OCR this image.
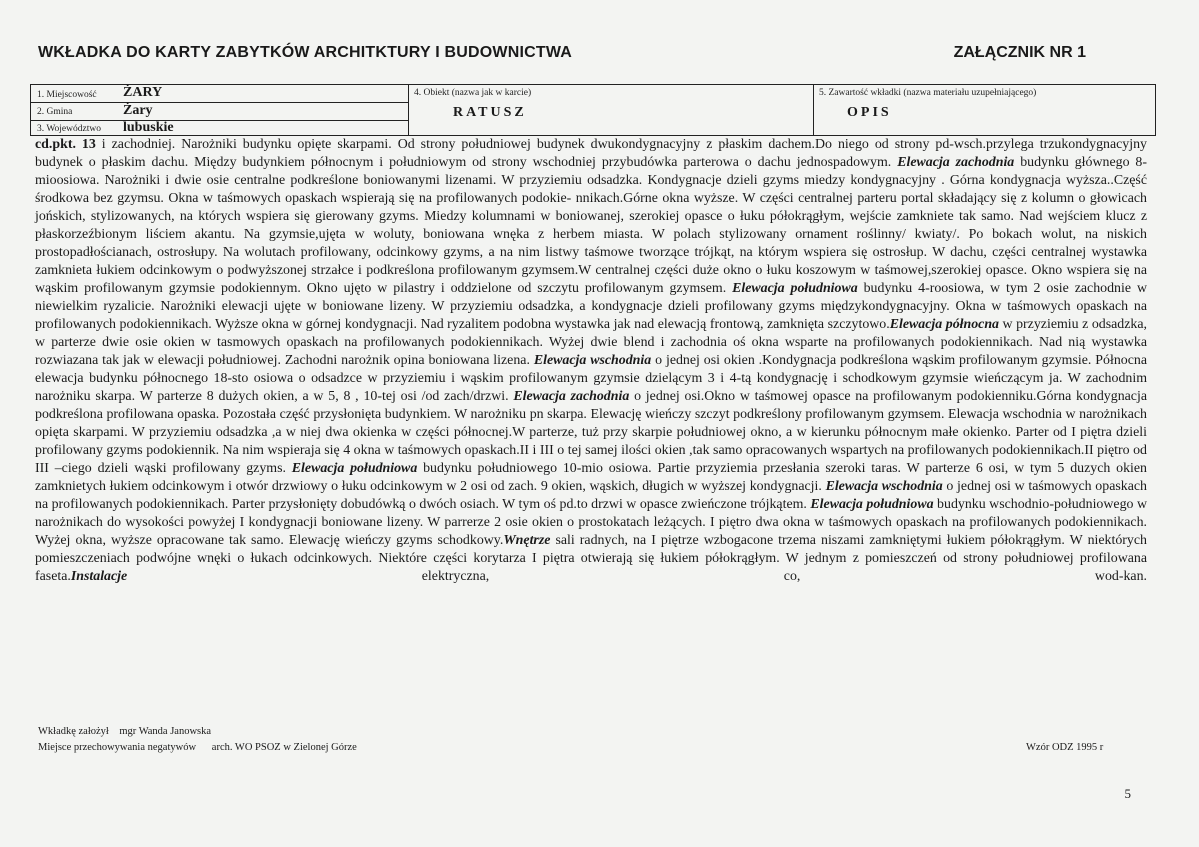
WKŁADKA DO KARTY ZABYTKÓW ARCHITKTURY I BUDOWNICTWA	ZAŁĄCZNIK NR 1
1. Miejscowość ŻARY
2. Gmina	Żary
3. Województwo lubuskie
4. Obiekt (nazwa jak w karcie)
RATUSZ
5. Zawartość wkładki (nazwa materiału uzupełniającego)
OPIS
cd.pkt. 13 i zachodniej. Narożniki budynku opięte skarpami. Od strony południowej budynek dwukondygnacyjny z płaskim dachem.Do niego od strony pd-wsch.przylega trzukondygnacyjny budynek o płaskim dachu. Między budynkiem północnym i południowym od strony wschodniej przybudówka parterowa o dachu jednospadowym. Elewacja zachodnia budynku głównego 8-mioosiowa. Narożniki i dwie osie centralne podkreślone boniowanymi lizenami. W przyziemiu odsadzka. Kondygnacje dzieli gzyms miedzy kondygnacyjny . Górna kondygnacja wyższa..Część środkowa bez gzymsu. Okna w taśmowych opaskach wspierają się na profilowanych podokie- nnikach.Górne okna wyższe. W części centralnej parteru portal składający się z kolumn o głowicach jońskich, stylizowanych, na których wspiera się gierowany gzyms. Miedzy kolumnami w boniowanej, szerokiej opasce o łuku półokrągłym, wejście zamkniete tak samo. Nad wejściem klucz z płaskorzeźbionym liściem akantu. Na gzymsie,ujęta w woluty, boniowana wnęka z herbem miasta. W polach stylizowany ornament roślinny/ kwiaty/. Po bokach wolut, na niskich prostopadłościanach, ostrosłupy. Na wolutach profilowany, odcinkowy gzyms, a na nim listwy taśmowe tworzące trójkąt, na którym wspiera się ostrosłup. W dachu, części centralnej wystawka zamknieta łukiem odcinkowym o podwyższonej strzałce i podkreślona profilowanym gzymsem.W centralnej części duże okno o łuku koszowym w taśmowej,szerokiej opasce. Okno wspiera się na wąskim profilowanym gzymsie podokiennym. Okno ujęto w pilastry i oddzielone od szczytu profilowanym gzymsem. Elewacja południowa budynku 4-roosiowa, w tym 2 osie zachodnie w niewielkim ryzalicie. Narożniki elewacji ujęte w boniowane lizeny. W przyziemiu odsadzka, a kondygnacje dzieli profilowany gzyms międzykondygnacyjny. Okna w taśmowych opaskach na profilowanych podokiennikach. Wyższe okna w górnej kondygnacji. Nad ryzalitem podobna wystawka jak nad elewacją frontową, zamknięta szczytowo.Elewacja północna w przyziemiu z odsadzka, w parterze dwie osie okien w tasmowych opaskach na profilowanych podokiennikach. Wyżej dwie blend i zachodnia oś okna wsparte na profilowanych podokiennikach. Nad nią wystawka rozwiazana tak jak w elewacji południowej. Zachodni narożnik opina boniowana lizena. Elewacja wschodnia o jednej osi okien .Kondygnacja podkreślona wąskim profilowanym gzymsie. Północna elewacja budynku północnego 18-sto osiowa o odsadzce w przyziemiu i wąskim profilowanym gzymsie dzielącym 3 i 4-tą kondygnację i schodkowym gzymsie wieńczącym ja. W zachodnim narożniku skarpa. W parterze 8 dużych okien, a w 5, 8 , 10-tej osi /od zach/drzwi. Elewacja zachodnia o jednej osi.Okno w taśmowej opasce na profilowanym podokienniku.Górna kondygnacja podkreślona profilowana opaska. Pozostała część przysłonięta budynkiem. W narożniku pn skarpa. Elewację wieńczy szczyt podkreślony profilowanym gzymsem. Elewacja wschodnia w narożnikach opięta skarpami. W przyziemiu odsadzka ,a w niej dwa okienka w części północnej.W parterze, tuż przy skarpie południowej okno, a w kierunku północnym małe okienko. Parter od I piętra dzieli profilowany gzyms podokiennik. Na nim wspieraja się 4 okna w taśmowych opaskach.II i III o tej samej ilości okien ,tak samo opracowanych wspartych na profilowanych podokiennikach.II piętro od III –ciego dzieli wąski profilowany gzyms. Elewacja południowa budynku południowego 10-mio osiowa. Partie przyziemia przesłania szeroki taras. W parterze 6 osi, w tym 5 duzych okien zamknietych łukiem odcinkowym i otwór drzwiowy o łuku odcinkowym w 2 osi od zach. 9 okien, wąskich, długich w wyższej kondygnacji. Elewacja wschodnia o jednej osi w taśmowych opaskach na profilowanych podokiennikach. Parter przysłonięty dobudówką o dwóch osiach. W tym oś pd.to drzwi w opasce zwieńczone trójkątem. Elewacja południowa budynku wschodnio-południowego w narożnikach do wysokości powyżej I kondygnacji boniowane lizeny. W parrerze 2 osie okien o prostokatach leżących. I piętro dwa okna w taśmowych opaskach na profilowanych podokiennikach. Wyżej okna, wyższe opracowane tak samo. Elewację wieńczy gzyms schodkowy.Wnętrze sali radnych, na I piętrze wzbogacone trzema niszami zamkniętymi łukiem półokrągłym. W niektórych pomieszczeniach podwójne wnęki o łukach odcinkowych. Niektóre części korytarza I piętra otwierają się łukiem półokrągłym. W jednym z pomieszczeń od strony południowej profilowana faseta.Instalacje elektryczna, co, wod-kan.
Wkładkę założył mgr Wanda Janowska
Miejsce przechowywania negatywów arch. WO PSOZ w Zielonej Górze	Wzór ODZ 1995 r
5
